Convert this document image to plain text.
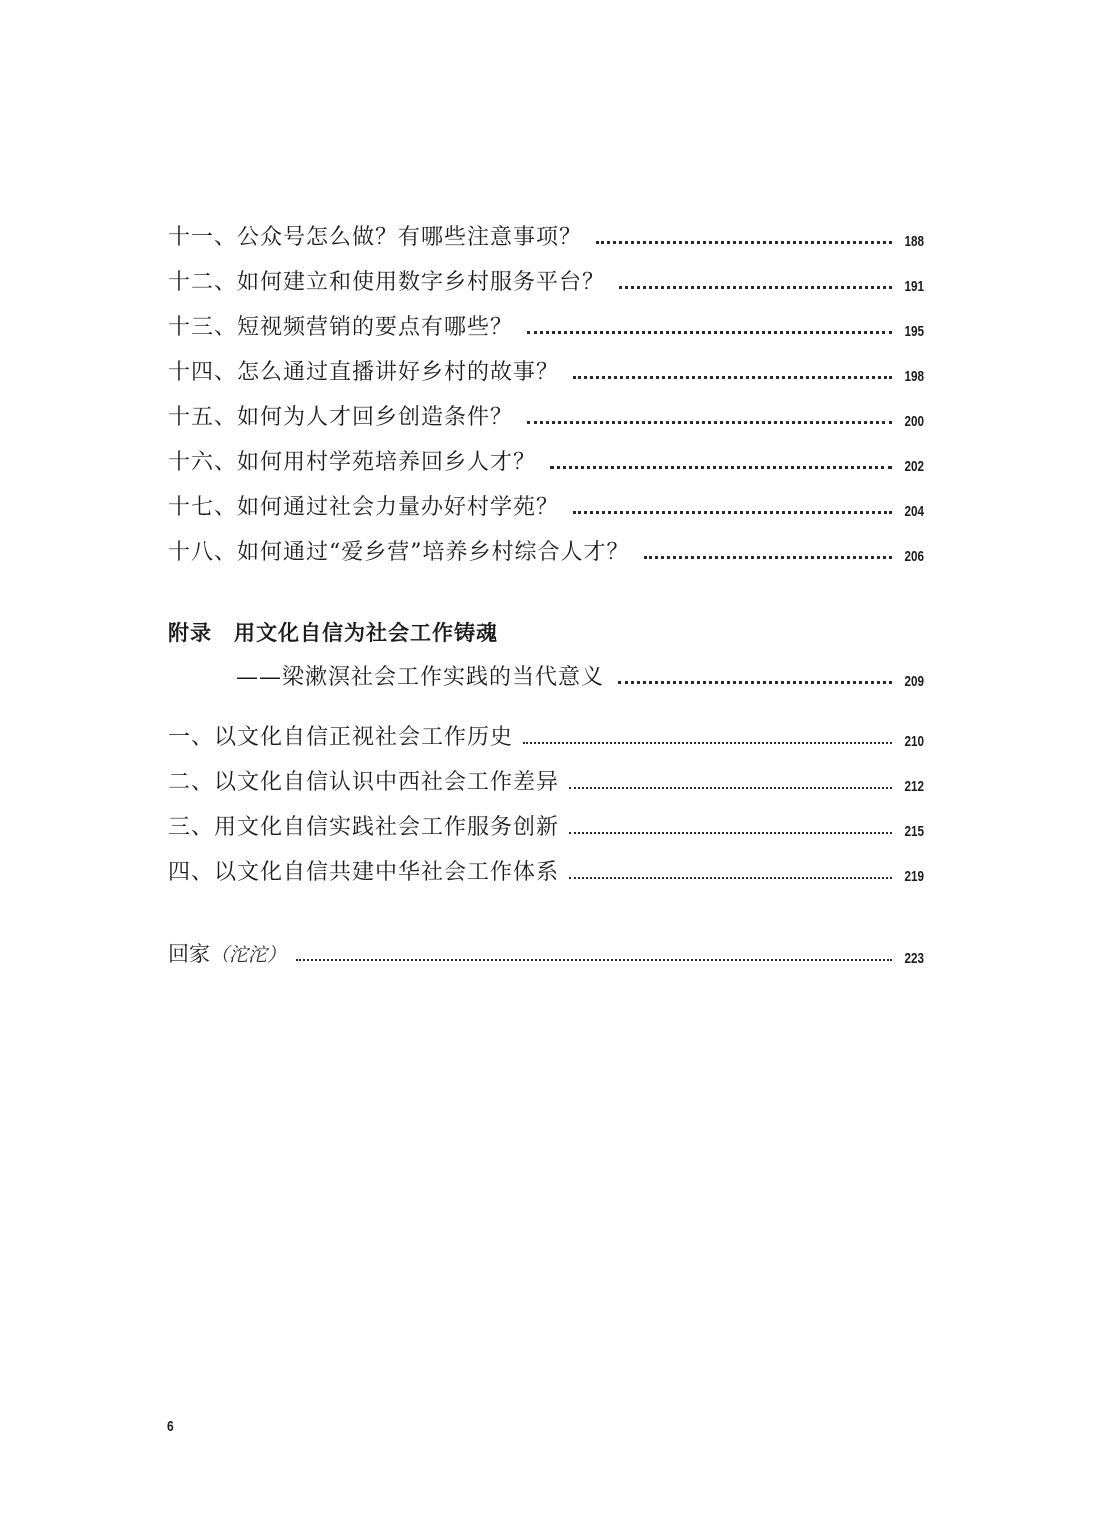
十一、公众号怎么做？有哪些注意事项？	188
十二、如何建立和使用数字乡村服务平台？	191
十三、短视频营销的要点有哪些？	195
十四、怎么通过直播讲好乡村的故事？	198
十五、如何为人才回乡创造条件？	200
十六、如何用村学苑培养回乡人才？	202
十七、如何通过社会力量办好村学苑？	204
十八、如何通过“爱乡营”培养乡村综合人才？	206
附录 用文化自信为社会工作铸魂
——梁漱溟社会工作实践的当代意义	209
一、以文化自信正视社会工作历史	210
二、以文化自信认识中西社会工作差异	212
三、用文化自信实践社会工作服务创新	215
四、以文化自信共建中华社会工作体系	219
回家（沱沱）	223
6
